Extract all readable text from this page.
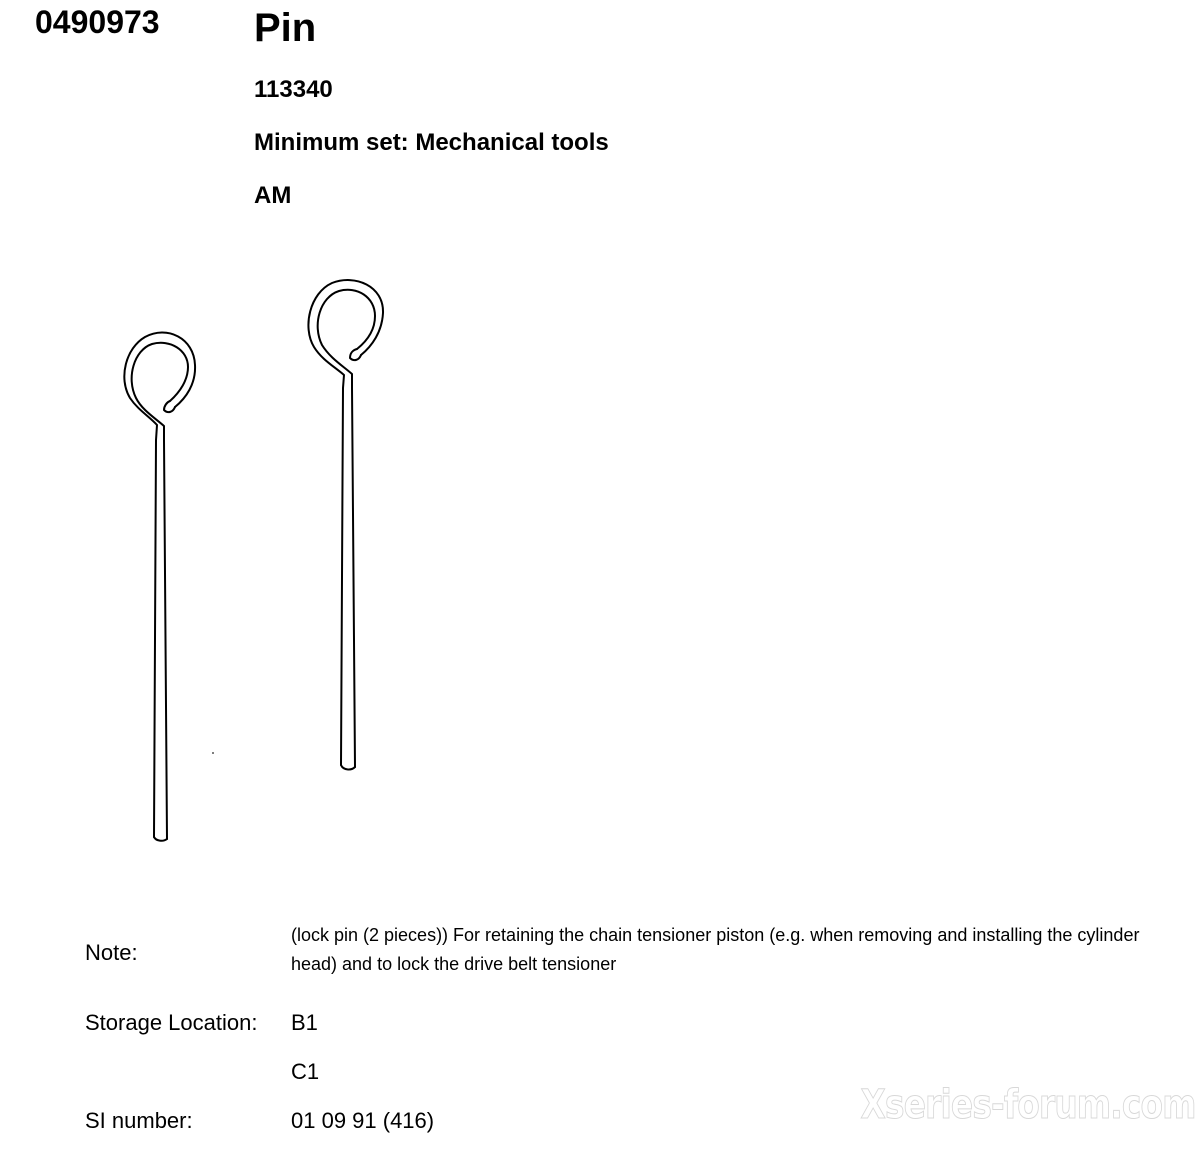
0490973 Pin
113340
Minimum set: Mechanical tools
AM
Note:
(lock pin (2 pieces)) For retaining the chain tensioner piston (e.g. when removing and installing the cylinder head) and to lock the drive belt tensioner
Storage Location: B1
C1
SI number:	01 09 91 (416)	Xseries-forum.com
